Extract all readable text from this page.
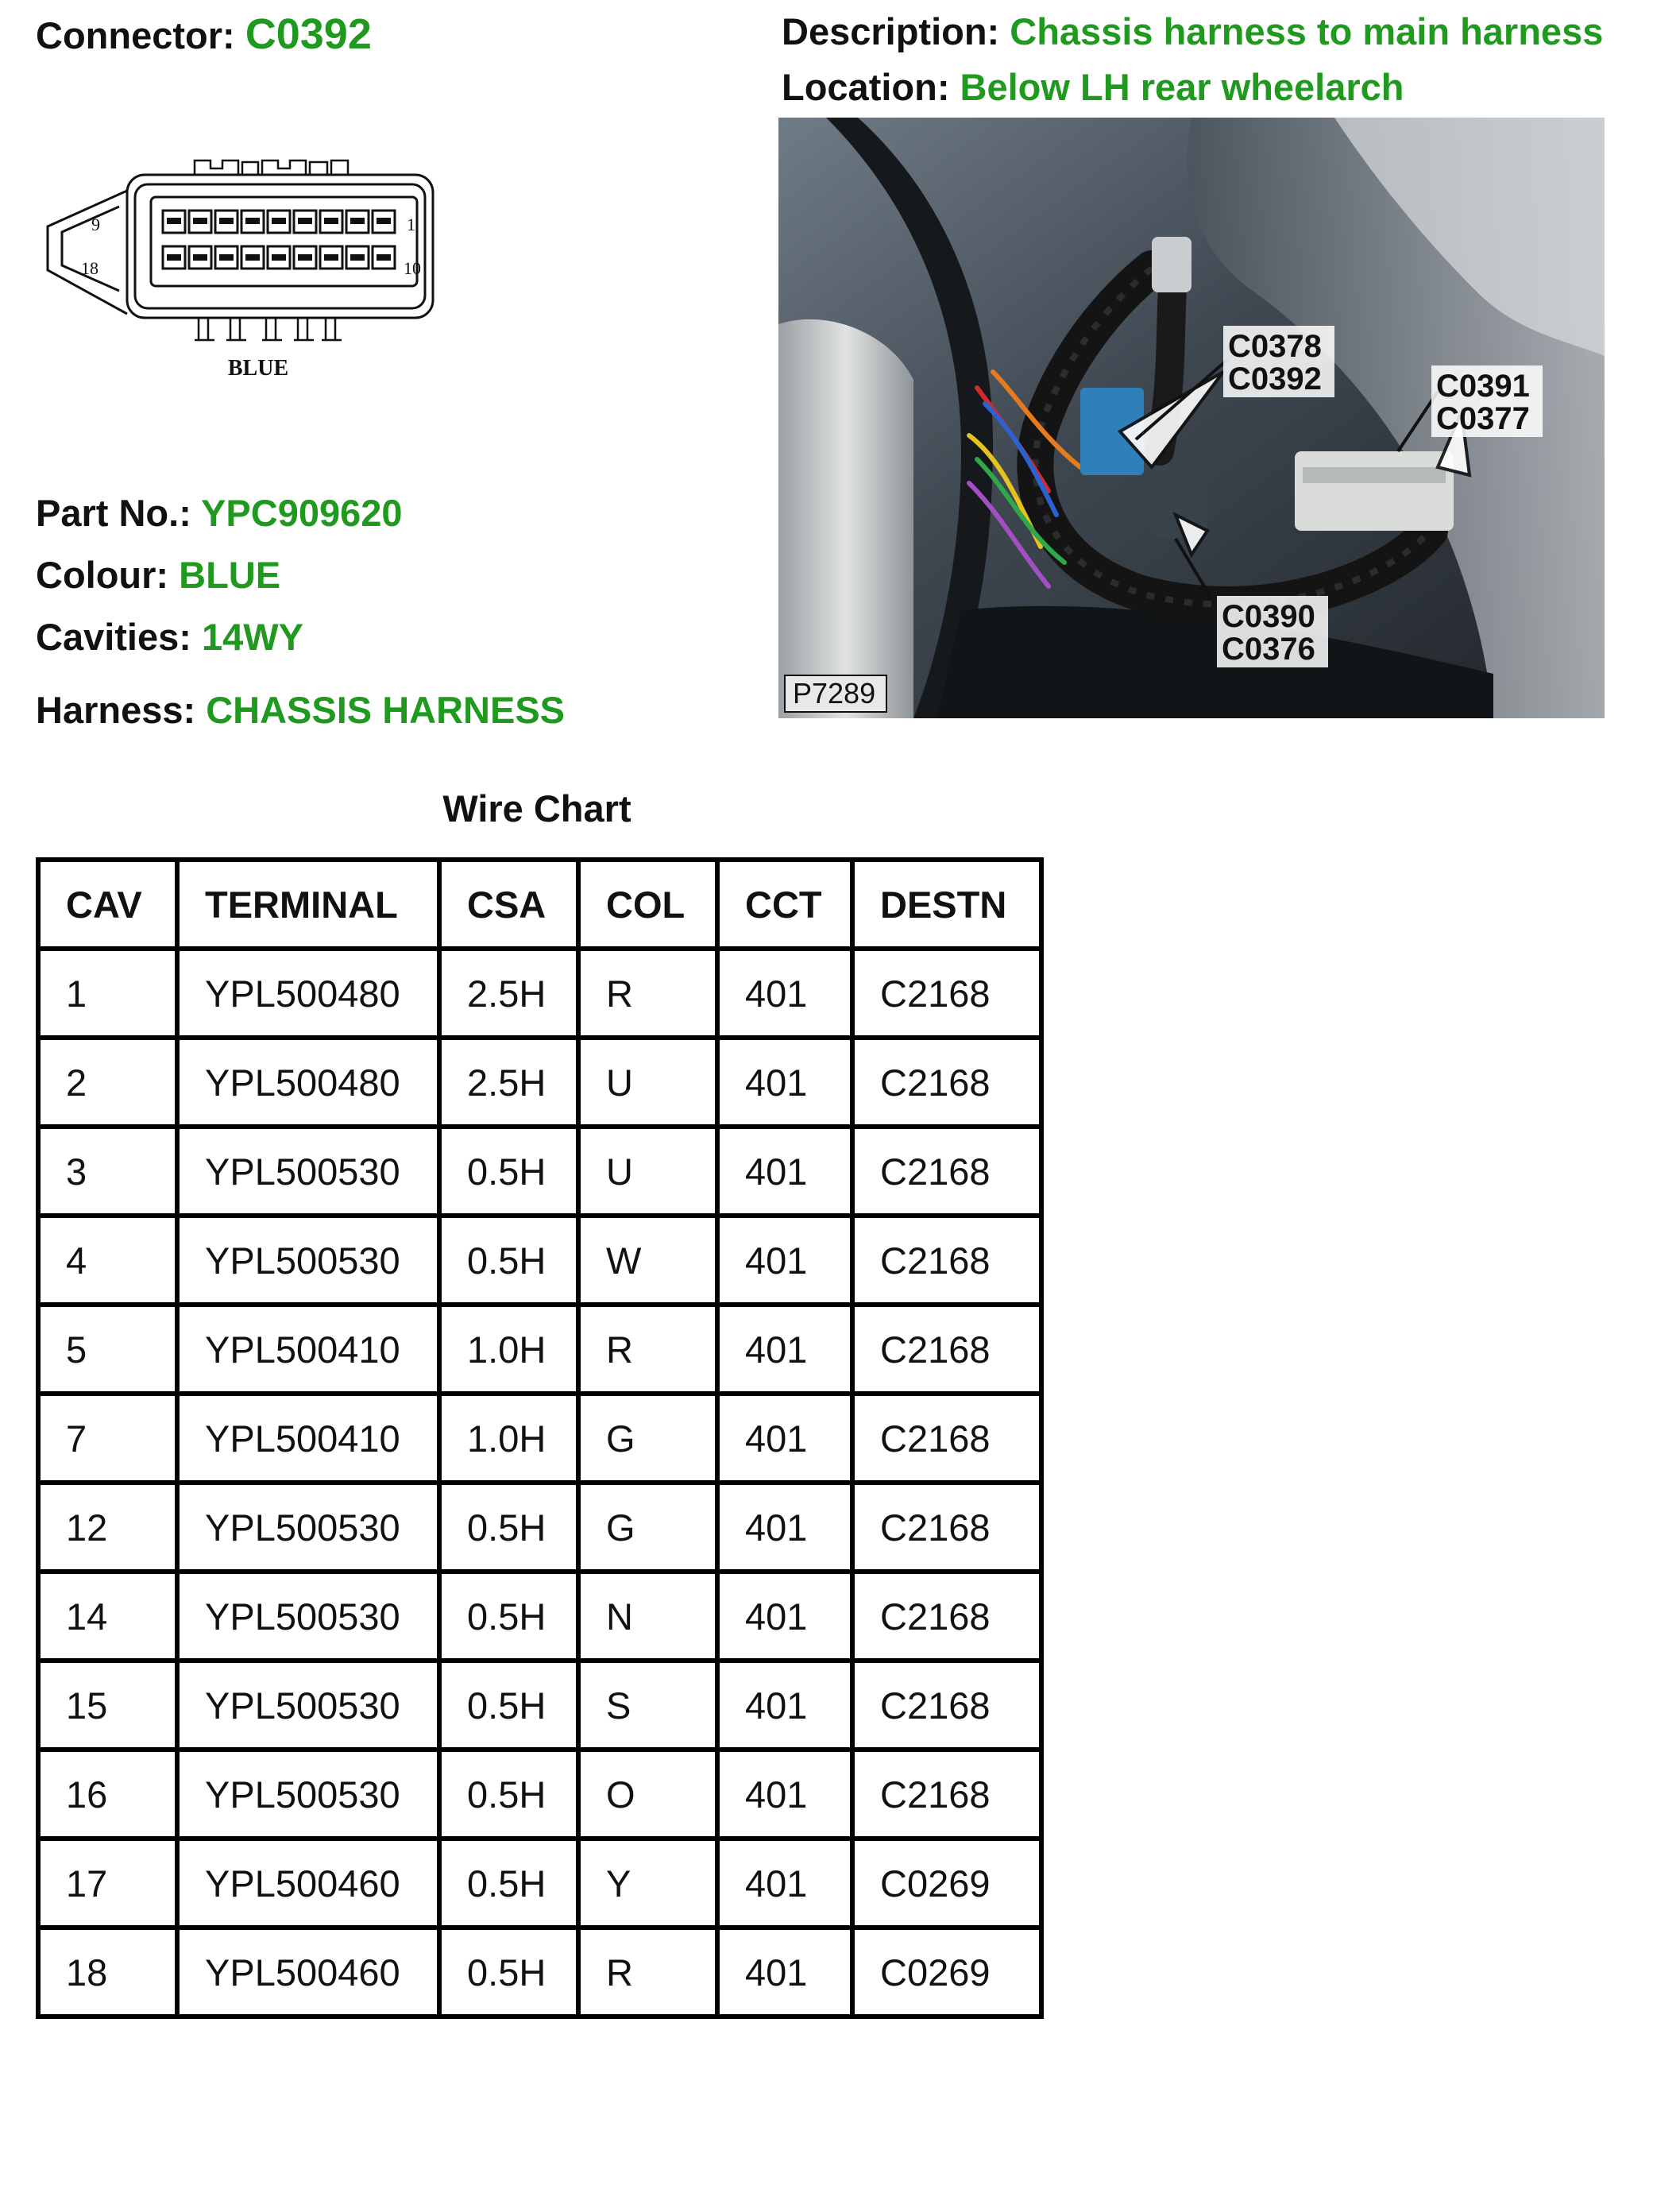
Connector: C0392	Description: Chassis harness to main harness
Location: Below LH rear wheelarch
9
18
1
10
BLUE
C0378
C0392	C0391
C0377
C0390
C0376
P7289
Part No.: YPC909620
Colour: BLUE
Cavities: 14WY
Harness: CHASSIS HARNESS
Wire Chart
CAV	TERMINAL	CSA	COL	CCT	DESTN
1	YPL500480	2.5H	R	401	C2168
2	YPL500480	2.5H	U	401	C2168
3	YPL500530	0.5H	U	401	C2168
4	YPL500530	0.5H	W	401	C2168
5	YPL500410	1.0H	R	401	C2168
7	YPL500410	1.0H	G	401	C2168
12	YPL500530	0.5H	G	401	C2168
14	YPL500530	0.5H	N	401	C2168
15	YPL500530	0.5H	S	401	C2168
16	YPL500530	0.5H	O	401	C2168
17	YPL500460	0.5H	Y	401	C0269
18	YPL500460	0.5H	R	401	C0269
